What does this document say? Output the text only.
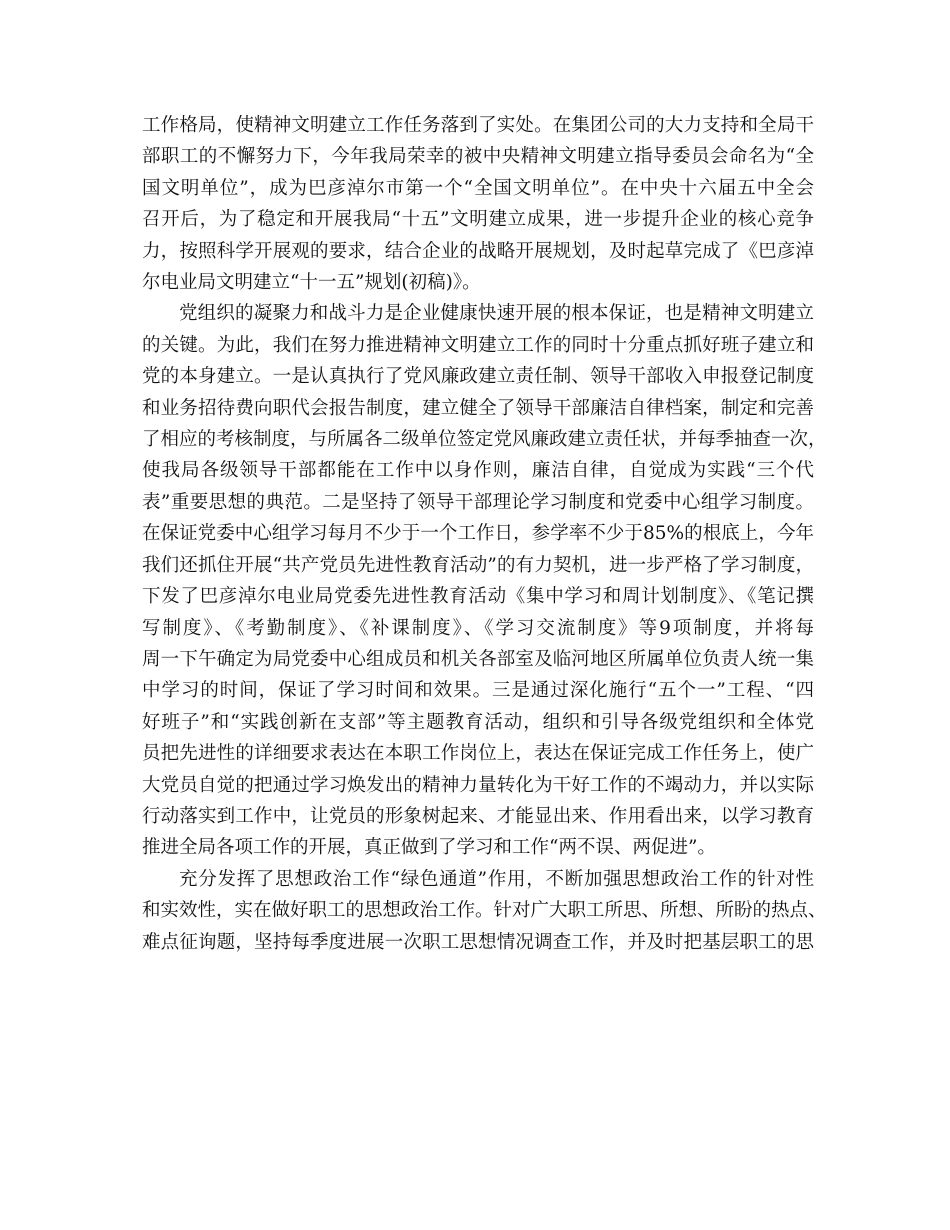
工作格局，使精神文明建立工作任务落到了实处。在集团公司的大力支持和全局干
部职工的不懈努力下，今年我局荣幸的被中央精神文明建立指导委员会命名为“全
国文明单位”，成为巴彦淖尔市第一个“全国文明单位”。在中央十六届五中全会
召开后，为了稳定和开展我局“十五”文明建立成果，进一步提升企业的核心竞争
力，按照科学开展观的要求，结合企业的战略开展规划，及时起草完成了《巴彦淖
尔电业局文明建立“十一五”规划(初稿)》。

党组织的凝聚力和战斗力是企业健康快速开展的根本保证，也是精神文明建立
的关键。为此，我们在努力推进精神文明建立工作的同时十分重点抓好班子建立和
党的本身建立。一是认真执行了党风廉政建立责任制、领导干部收入申报登记制度
和业务招待费向职代会报告制度，建立健全了领导干部廉洁自律档案，制定和完善
了相应的考核制度，与所属各二级单位签定党风廉政建立责任状，并每季抽查一次，
使我局各级领导干部都能在工作中以身作则，廉洁自律，自觉成为实践“三个代
表”重要思想的典范。二是坚持了领导干部理论学习制度和党委中心组学习制度。
在保证党委中心组学习每月不少于一个工作日，参学率不少于85%的根底上，今年
我们还抓住开展“共产党员先进性教育活动”的有力契机，进一步严格了学习制度，
下发了巴彦淖尔电业局党委先进性教育活动《集中学习和周计划制度》、《笔记撰
写制度》、《考勤制度》、《补课制度》、《学习交流制度》等9项制度，并将每
周一下午确定为局党委中心组成员和机关各部室及临河地区所属单位负责人统一集
中学习的时间，保证了学习时间和效果。三是通过深化施行“五个一”工程、“四
好班子”和“实践创新在支部”等主题教育活动，组织和引导各级党组织和全体党
员把先进性的详细要求表达在本职工作岗位上，表达在保证完成工作任务上，使广
大党员自觉的把通过学习焕发出的精神力量转化为干好工作的不竭动力，并以实际
行动落实到工作中，让党员的形象树起来、才能显出来、作用看出来，以学习教育
推进全局各项工作的开展，真正做到了学习和工作“两不误、两促进”。

充分发挥了思想政治工作“绿色通道”作用，不断加强思想政治工作的针对性
和实效性，实在做好职工的思想政治工作。针对广大职工所思、所想、所盼的热点、
难点征询题，坚持每季度进展一次职工思想情况调查工作，并及时把基层职工的思
